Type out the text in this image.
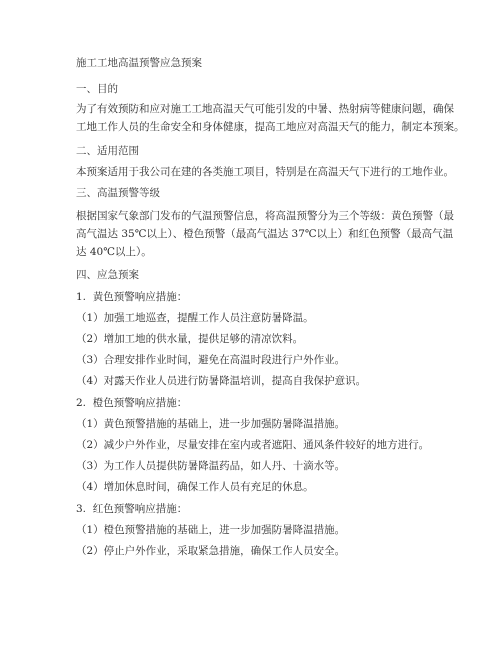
施工工地高温预警应急预案

一、目的

为了有效预防和应对施工工地高温天气可能引发的中暑、热射病等健康问题，确保

工地工作人员的生命安全和身体健康，提高工地应对高温天气的能力，制定本预案。

二、适用范围

本预案适用于我公司在建的各类施工项目，特别是在高温天气下进行的工地作业。

三、高温预警等级

根据国家气象部门发布的气温预警信息，将高温预警分为三个等级：黄色预警（最

高气温达 35℃以上）、橙色预警（最高气温达 37℃以上）和红色预警（最高气温

达 40℃以上）。

四、应急预案

1.  黄色预警响应措施：

（1）加强工地巡查，提醒工作人员注意防暑降温。

（2）增加工地的供水量，提供足够的清凉饮料。

（3）合理安排作业时间，避免在高温时段进行户外作业。

（4）对露天作业人员进行防暑降温培训，提高自我保护意识。

2.  橙色预警响应措施：

（1）黄色预警措施的基础上，进一步加强防暑降温措施。

（2）减少户外作业，尽量安排在室内或者遮阳、通风条件较好的地方进行。

（3）为工作人员提供防暑降温药品，如人丹、十滴水等。

（4）增加休息时间，确保工作人员有充足的休息。

3.  红色预警响应措施：

（1）橙色预警措施的基础上，进一步加强防暑降温措施。

（2）停止户外作业，采取紧急措施，确保工作人员安全。
